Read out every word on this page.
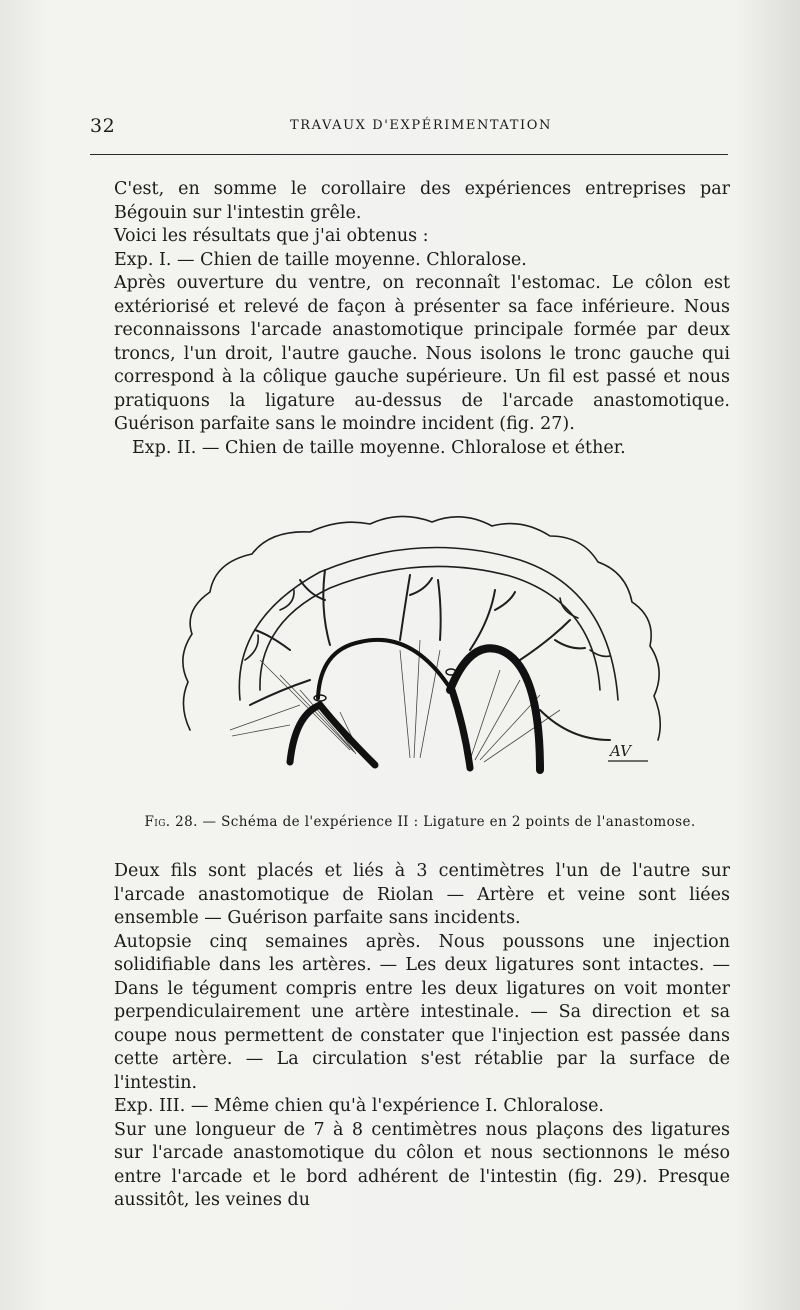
32	TRAVAUX D'EXPÉRIMENTATION

C'est, en somme le corollaire des expériences entreprises par Bégouin sur l'intestin grêle.

Voici les résultats que j'ai obtenus :

Exp. I. — Chien de taille moyenne. Chloralose.

Après ouverture du ventre, on reconnaît l'estomac. Le côlon est extériorisé et relevé de façon à présenter sa face inférieure. Nous reconnaissons l'arcade anastomotique principale formée par deux troncs, l'un droit, l'autre gauche. Nous isolons le tronc gauche qui correspond à la côlique gauche supérieure. Un fil est passé et nous pratiquons la ligature au-dessus de l'arcade anastomotique. Guérison parfaite sans le moindre incident (fig. 27).

Exp. II. — Chien de taille moyenne. Chloralose et éther.

AV
Fig. 28. — Schéma de l'expérience II : Ligature en 2 points de l'anastomose.

Deux fils sont placés et liés à 3 centimètres l'un de l'autre sur l'arcade anastomotique de Riolan — Artère et veine sont liées ensemble — Guérison parfaite sans incidents.

Autopsie cinq semaines après. Nous poussons une injection solidifiable dans les artères. — Les deux ligatures sont intactes. — Dans le tégument compris entre les deux ligatures on voit monter perpendiculairement une artère intestinale. — Sa direction et sa coupe nous permettent de constater que l'injection est passée dans cette artère. — La circulation s'est rétablie par la surface de l'intestin.

Exp. III. — Même chien qu'à l'expérience I. Chloralose.

Sur une longueur de 7 à 8 centimètres nous plaçons des ligatures sur l'arcade anastomotique du côlon et nous sectionnons le méso entre l'arcade et le bord adhérent de l'intestin (fig. 29). Presque aussitôt, les veines du
